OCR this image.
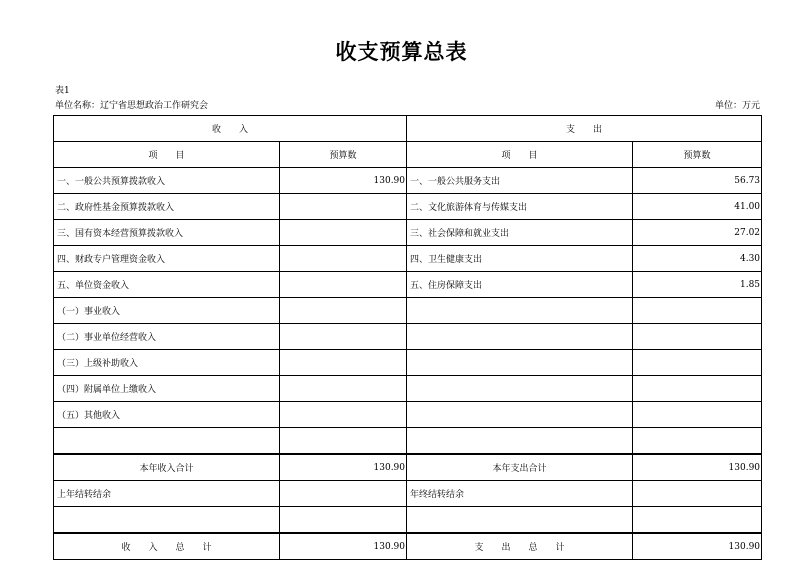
收支预算总表
表1
单位名称：辽宁省思想政治工作研究会	单位：万元
收　　入		支　　出	
项　　目	预算数	项　　目	预算数
一、一般公共预算拨款收入	130.90	一、一般公共服务支出	56.73
二、政府性基金预算拨款收入		二、文化旅游体育与传媒支出	41.00
三、国有资本经营预算拨款收入		三、社会保障和就业支出	27.02
四、财政专户管理资金收入		四、卫生健康支出	4.30
五、单位资金收入		五、住房保障支出	1.85
（一）事业收入			
（二）事业单位经营收入			
（三）上级补助收入			
（四）附属单位上缴收入			
（五）其他收入			

本年收入合计	130.90	本年支出合计	130.90
上年结转结余		年终结转结余	

收　　入　　总　　计	130.90	支　　出　　总　　计	130.90
